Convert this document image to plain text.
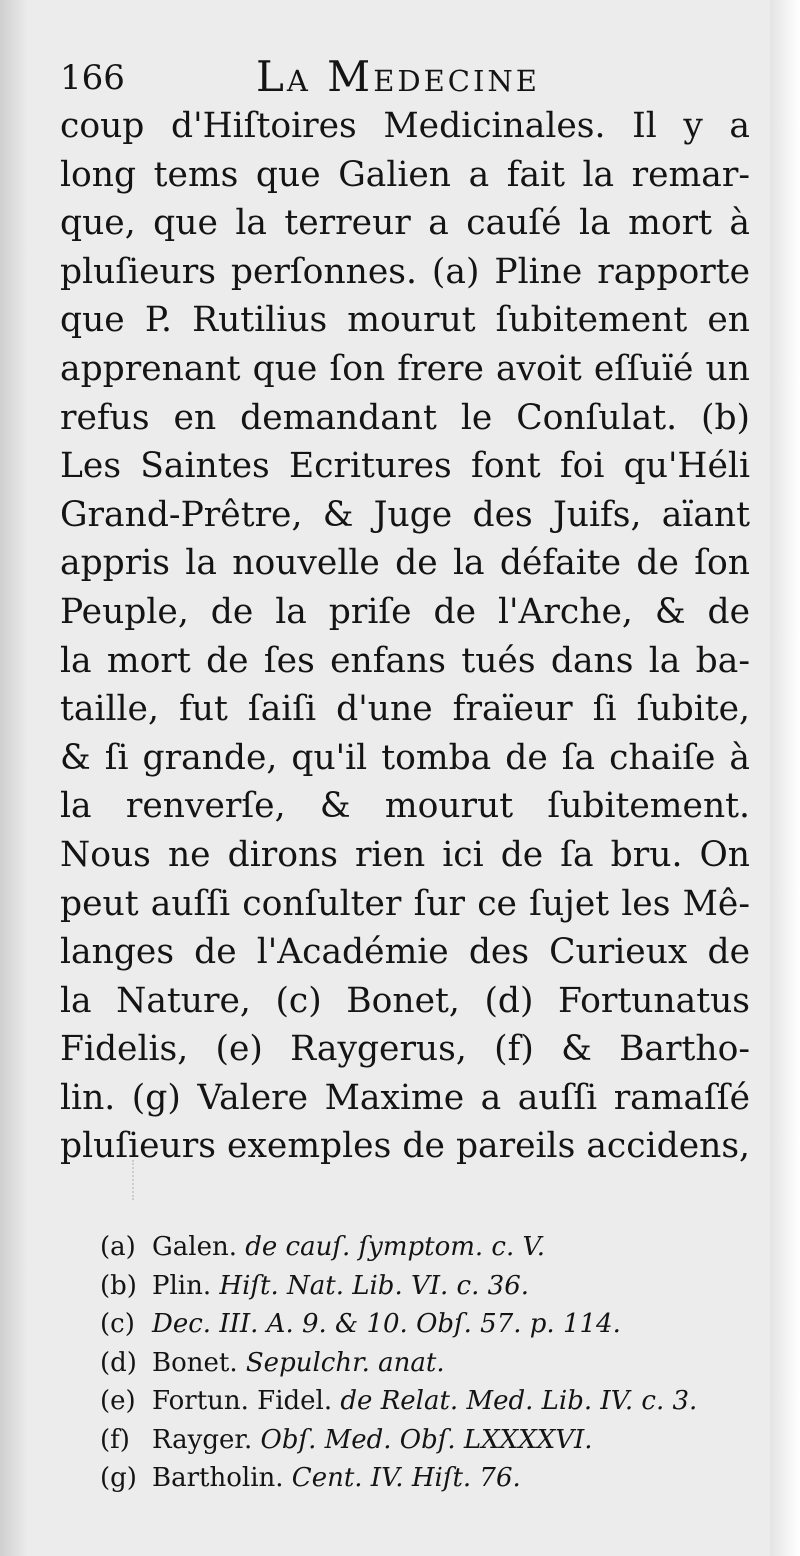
166	La Medecine
coup d'Hiſtoires Medicinales. Il y a
long tems que Galien a fait la remar-
que, que la terreur a cauſé la mort à
pluſieurs perſonnes. (a) Pline rapporte
que P. Rutilius mourut ſubitement en
apprenant que ſon frere avoit eſſuïé un
refus en demandant le Conſulat. (b)
Les Saintes Ecritures font foi qu'Héli
Grand-Prêtre, & Juge des Juifs, aïant
appris la nouvelle de la défaite de ſon
Peuple, de la priſe de l'Arche, & de
la mort de ſes enfans tués dans la ba-
taille, fut ſaiſi d'une fraïeur ſi ſubite,
& ſi grande, qu'il tomba de ſa chaiſe à
la renverſe, & mourut ſubitement.
Nous ne dirons rien ici de ſa bru. On
peut auſſi conſulter ſur ce ſujet les Mê-
langes de l'Académie des Curieux de
la Nature, (c) Bonet, (d) Fortunatus
Fidelis, (e) Raygerus, (f) & Bartho-
lin. (g) Valere Maxime a auſſi ramaſſé
pluſieurs exemples de pareils accidens,
(a) Galen. de cauſ. ſymptom. c. V.
(b) Plin. Hiſt. Nat. Lib. VI. c. 36.
(c) Dec. III. A. 9. & 10. Obſ. 57. p. 114.
(d) Bonet. Sepulchr. anat.
(e) Fortun. Fidel. de Relat. Med. Lib. IV. c. 3.
(f) Rayger. Obſ. Med. Obſ. LXXXXVI.
(g) Bartholin. Cent. IV. Hiſt. 76.
